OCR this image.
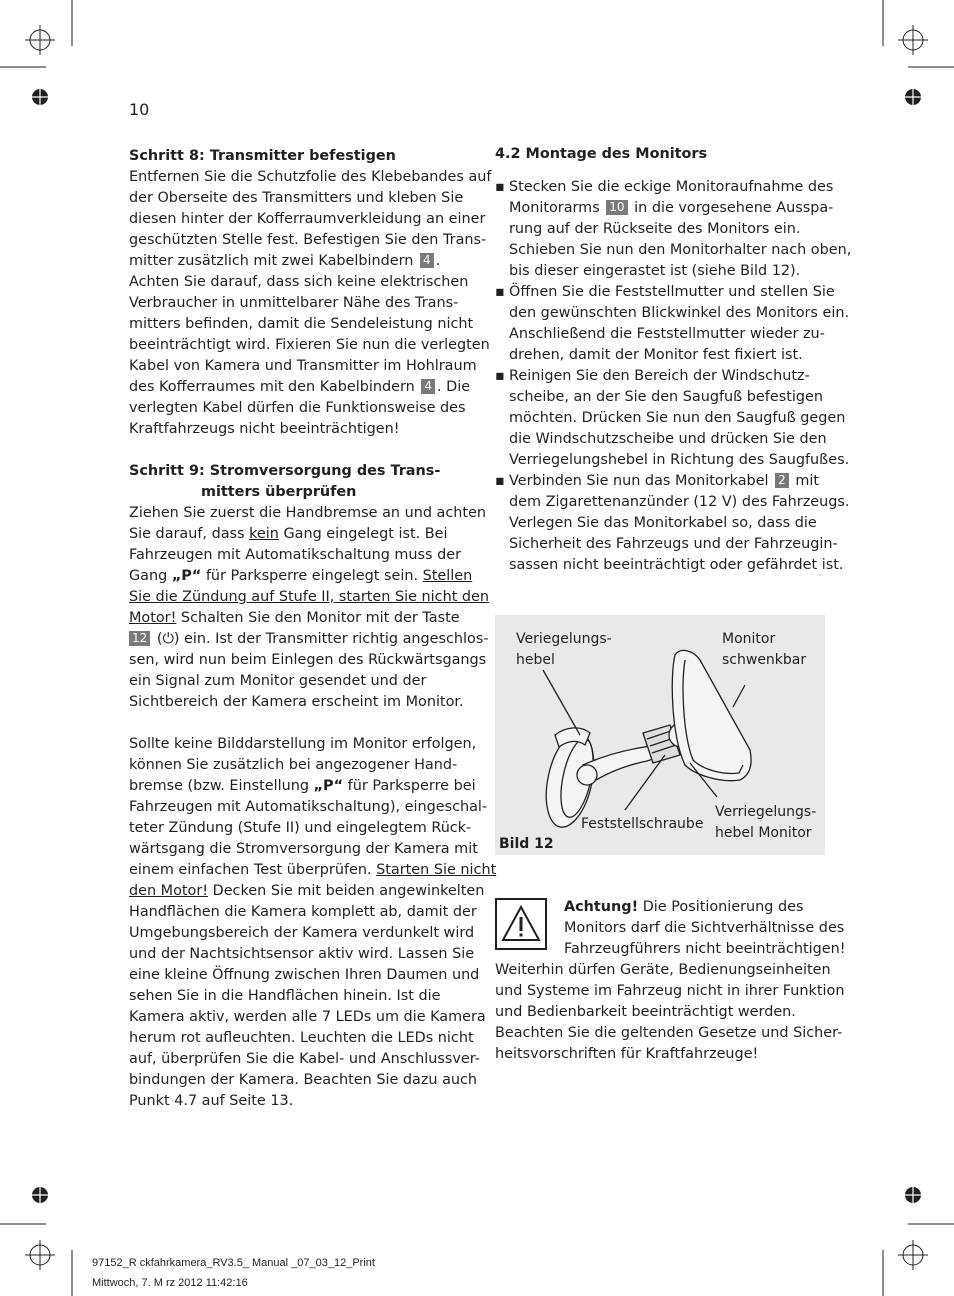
10
Schritt 8: Transmitter befestigen
Entfernen Sie die Schutzfolie des Klebebandes auf
der Oberseite des Transmitters und kleben Sie
diesen hinter der Kofferraumverkleidung an einer
geschützten Stelle fest. Befestigen Sie den Trans-
mitter zusätzlich mit zwei Kabelbindern 4 .
Achten Sie darauf, dass sich keine elektrischen
Verbraucher in unmittelbarer Nähe des Trans-
mitters befinden, damit die Sendeleistung nicht
beeinträchtigt wird. Fixieren Sie nun die verlegten
Kabel von Kamera und Transmitter im Hohlraum
des Kofferraumes mit den Kabelbindern 4 . Die
verlegten Kabel dürfen die Funktionsweise des
Kraftfahrzeugs nicht beeinträchtigen!
Schritt 9: Stromversorgung des Trans-
mitters überprüfen
Ziehen Sie zuerst die Handbremse an und achten
Sie darauf, dass kein Gang eingelegt ist. Bei
Fahrzeugen mit Automatikschaltung muss der
Gang „P“ für Parksperre eingelegt sein. Stellen
Sie die Zündung auf Stufe II, starten Sie nicht den
Motor! Schalten Sie den Monitor mit der Taste
12 (⏻) ein. Ist der Transmitter richtig angeschlos-
sen, wird nun beim Einlegen des Rückwärtsgangs
ein Signal zum Monitor gesendet und der
Sichtbereich der Kamera erscheint im Monitor.
Sollte keine Bilddarstellung im Monitor erfolgen,
können Sie zusätzlich bei angezogener Hand-
bremse (bzw. Einstellung „P“ für Parksperre bei
Fahrzeugen mit Automatikschaltung), eingeschal-
teter Zündung (Stufe II) und eingelegtem Rück-
wärtsgang die Stromversorgung der Kamera mit
einem einfachen Test überprüfen. Starten Sie nicht
den Motor! Decken Sie mit beiden angewinkelten
Handflächen die Kamera komplett ab, damit der
Umgebungsbereich der Kamera verdunkelt wird
und der Nachtsichtsensor aktiv wird. Lassen Sie
eine kleine Öffnung zwischen Ihren Daumen und
sehen Sie in die Handflächen hinein. Ist die
Kamera aktiv, werden alle 7 LEDs um die Kamera
herum rot aufleuchten. Leuchten die LEDs nicht
auf, überprüfen Sie die Kabel- und Anschlussver-
bindungen der Kamera. Beachten Sie dazu auch
Punkt 4.7 auf Seite 13.
4.2 Montage des Monitors
▪ Stecken Sie die eckige Monitoraufnahme des
Monitorarms 10 in die vorgesehene Ausspa-
rung auf der Rückseite des Monitors ein.
Schieben Sie nun den Monitorhalter nach oben,
bis dieser eingerastet ist (siehe Bild 12).
▪ Öffnen Sie die Feststellmutter und stellen Sie
den gewünschten Blickwinkel des Monitors ein.
Anschließend die Feststellmutter wieder zu-
drehen, damit der Monitor fest fixiert ist.
▪ Reinigen Sie den Bereich der Windschutz-
scheibe, an der Sie den Saugfuß befestigen
möchten. Drücken Sie nun den Saugfuß gegen
die Windschutzscheibe und drücken Sie den
Verriegelungshebel in Richtung des Saugfußes.
▪ Verbinden Sie nun das Monitorkabel 2 mit
dem Zigarettenanzünder (12 V) des Fahrzeugs.
Verlegen Sie das Monitorkabel so, dass die
Sicherheit des Fahrzeugs und der Fahrzeugin-
sassen nicht beeinträchtigt oder gefährdet ist.
Veriegelungs-
hebel
Monitor
schwenkbar
Feststellschraube
Verriegelungs-
hebel Monitor
Bild 12
Achtung! Die Positionierung des
Monitors darf die Sichtverhältnisse des
Fahrzeugführers nicht beeinträchtigen!
Weiterhin dürfen Geräte, Bedienungseinheiten
und Systeme im Fahrzeug nicht in ihrer Funktion
und Bedienbarkeit beeinträchtigt werden.
Beachten Sie die geltenden Gesetze und Sicher-
heitsvorschriften für Kraftfahrzeuge!
97152_R ckfahrkamera_RV3.5_ Manual _07_03_12_Print
Mittwoch, 7. M rz 2012 11:42:16
